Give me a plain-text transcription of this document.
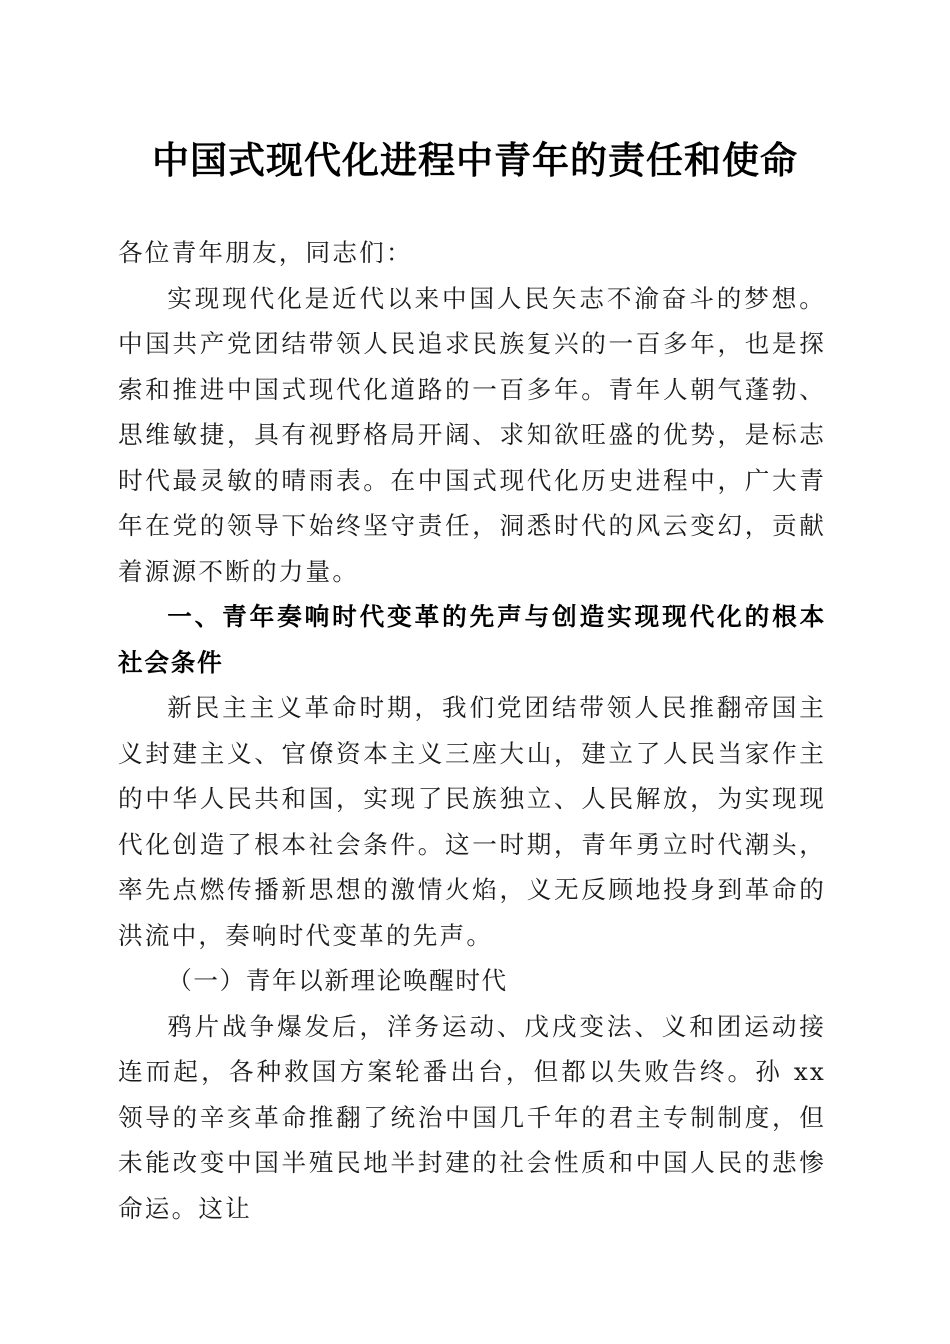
中国式现代化进程中青年的责任和使命

各位青年朋友，同志们：

实现现代化是近代以来中国人民矢志不渝奋斗的梦想。中国共产党团结带领人民追求民族复兴的一百多年，也是探索和推进中国式现代化道路的一百多年。青年人朝气蓬勃、思维敏捷，具有视野格局开阔、求知欲旺盛的优势，是标志时代最灵敏的晴雨表。在中国式现代化历史进程中，广大青年在党的领导下始终坚守责任，洞悉时代的风云变幻，贡献着源源不断的力量。

一、青年奏响时代变革的先声与创造实现现代化的根本社会条件

新民主主义革命时期，我们党团结带领人民推翻帝国主义封建主义、官僚资本主义三座大山，建立了人民当家作主的中华人民共和国，实现了民族独立、人民解放，为实现现代化创造了根本社会条件。这一时期，青年勇立时代潮头，率先点燃传播新思想的激情火焰，义无反顾地投身到革命的洪流中，奏响时代变革的先声。

（一）青年以新理论唤醒时代

鸦片战争爆发后，洋务运动、戊戌变法、义和团运动接连而起，各种救国方案轮番出台，但都以失败告终。孙 xx 领导的辛亥革命推翻了统治中国几千年的君主专制制度，但未能改变中国半殖民地半封建的社会性质和中国人民的悲惨命运。这让
